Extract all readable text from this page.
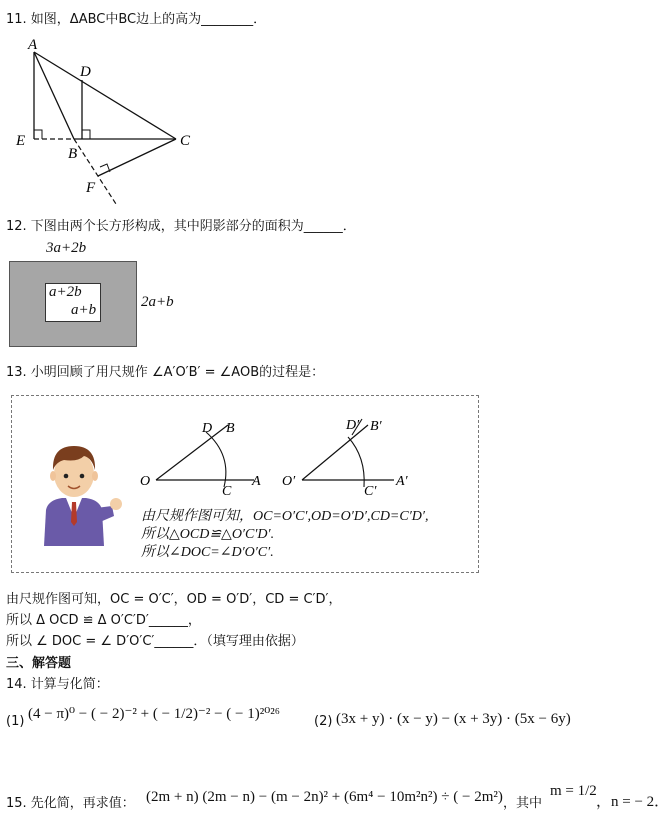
11. 如图，ΔABC中BC边上的高为________．
A
D
E
B
C
F
12. 下图由两个长方形构成，其中阴影部分的面积为______．
3a+2b
a+2b
a+b	2a+b
13. 小明回顾了用尺规作 ∠A′O′B′ = ∠AOB的过程是：
O	A
B
D
C
O′	A′
B′
D′
C′
由尺规作图可知，OC=O′C′,OD=O′D′,CD=C′D′,
所以△OCD≌△O′C′D′.
所以∠DOC=∠D′O′C′.
由尺规作图可知，OC = O′C′，OD = O′D′，CD = C′D′，
所以 Δ OCD ≌ Δ O′C′D′______，
所以 ∠ DOC = ∠ D′O′C′______．（填写理由依据）
三、解答题
14. 计算与化简：
(1) (4 − π)⁰ − ( − 2)⁻² + ( − 1/2)⁻² − ( − 1)²⁰²⁶	(2) (3x + y) · (x − y) − (x + 3y) · (5x − 6y)
15. 先化简，再求值： (2m + n) (2m − n) − (m − 2n)² + (6m⁴ − 10m²n²) ÷ ( − 2m²) ，其中
m = 1/2
，n = − 2．
